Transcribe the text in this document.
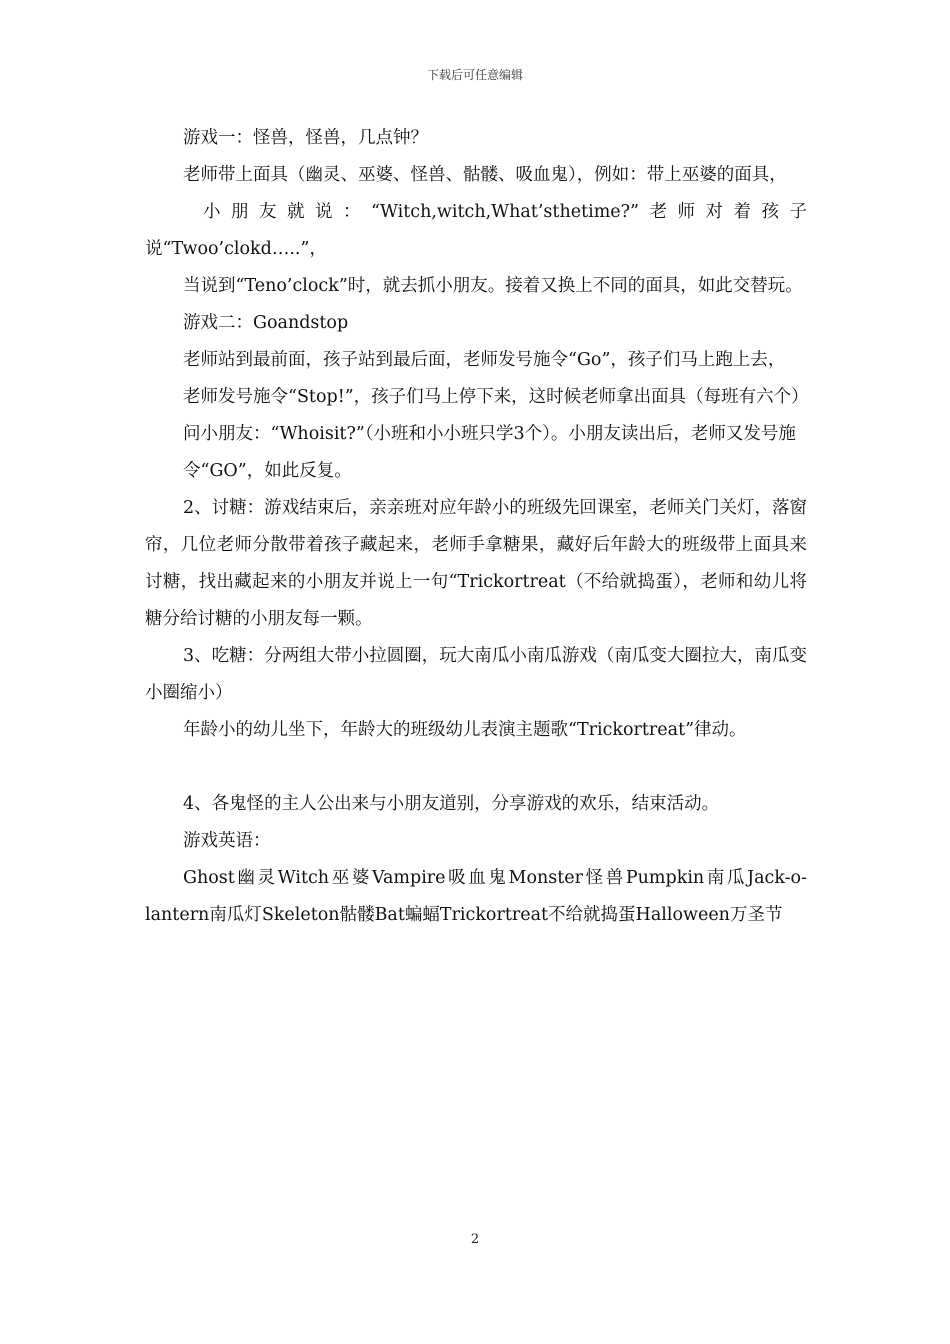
下载后可任意编辑

游戏一：怪兽，怪兽，几点钟？

老师带上面具（幽灵、巫婆、怪兽、骷髅、吸血鬼），例如：带上巫婆的面具，

小朋友就说：“Witch,witch,What’sthetime?”老师对着孩子说“Twoo’clokd…..”，

当说到“Teno’clock”时，就去抓小朋友。接着又换上不同的面具，如此交替玩。

游戏二：Goandstop

老师站到最前面，孩子站到最后面，老师发号施令“Go”，孩子们马上跑上去，

老师发号施令“Stop!”，孩子们马上停下来，这时候老师拿出面具（每班有六个）

问小朋友：“Whoisit?”（小班和小小班只学3个）。小朋友读出后，老师又发号施

令“GO”，如此反复。

2、讨糖：游戏结束后，亲亲班对应年龄小的班级先回课室，老师关门关灯，落窗帘，几位老师分散带着孩子藏起来，老师手拿糖果，藏好后年龄大的班级带上面具来讨糖，找出藏起来的小朋友并说上一句“Trickortreat（不给就捣蛋），老师和幼儿将糖分给讨糖的小朋友每一颗。

3、吃糖：分两组大带小拉圆圈，玩大南瓜小南瓜游戏（南瓜变大圈拉大，南瓜变小圈缩小）

年龄小的幼儿坐下，年龄大的班级幼儿表演主题歌“Trickortreat”律动。

4、各鬼怪的主人公出来与小朋友道别，分享游戏的欢乐，结束活动。

游戏英语：

Ghost幽灵Witch巫婆Vampire吸血鬼Monster怪兽Pumpkin南瓜Jack-o-lantern南瓜灯Skeleton骷髅Bat蝙蝠Trickortreat不给就捣蛋Halloween万圣节

2
